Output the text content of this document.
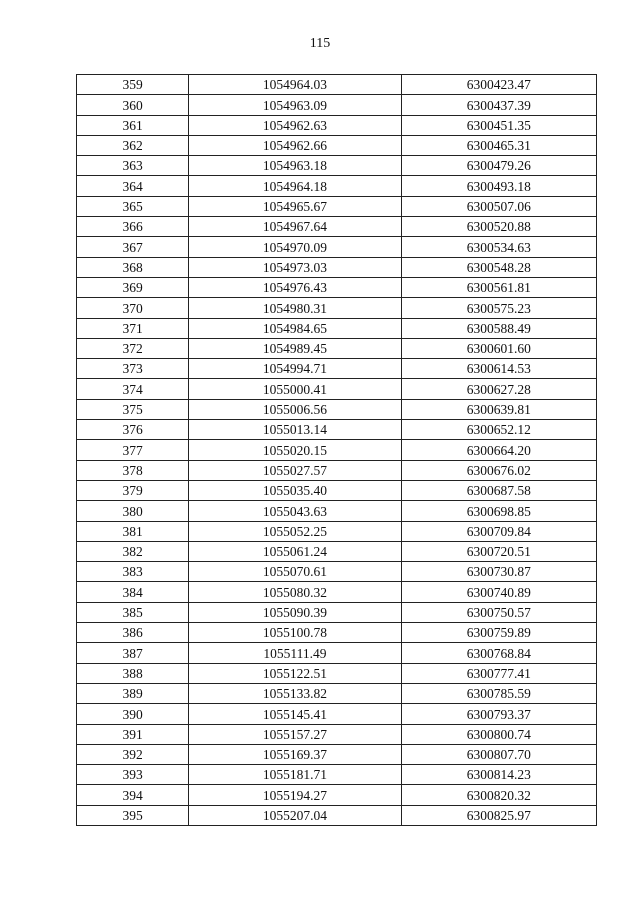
115
359	1054964.03	6300423.47
360	1054963.09	6300437.39
361	1054962.63	6300451.35
362	1054962.66	6300465.31
363	1054963.18	6300479.26
364	1054964.18	6300493.18
365	1054965.67	6300507.06
366	1054967.64	6300520.88
367	1054970.09	6300534.63
368	1054973.03	6300548.28
369	1054976.43	6300561.81
370	1054980.31	6300575.23
371	1054984.65	6300588.49
372	1054989.45	6300601.60
373	1054994.71	6300614.53
374	1055000.41	6300627.28
375	1055006.56	6300639.81
376	1055013.14	6300652.12
377	1055020.15	6300664.20
378	1055027.57	6300676.02
379	1055035.40	6300687.58
380	1055043.63	6300698.85
381	1055052.25	6300709.84
382	1055061.24	6300720.51
383	1055070.61	6300730.87
384	1055080.32	6300740.89
385	1055090.39	6300750.57
386	1055100.78	6300759.89
387	1055111.49	6300768.84
388	1055122.51	6300777.41
389	1055133.82	6300785.59
390	1055145.41	6300793.37
391	1055157.27	6300800.74
392	1055169.37	6300807.70
393	1055181.71	6300814.23
394	1055194.27	6300820.32
395	1055207.04	6300825.97
